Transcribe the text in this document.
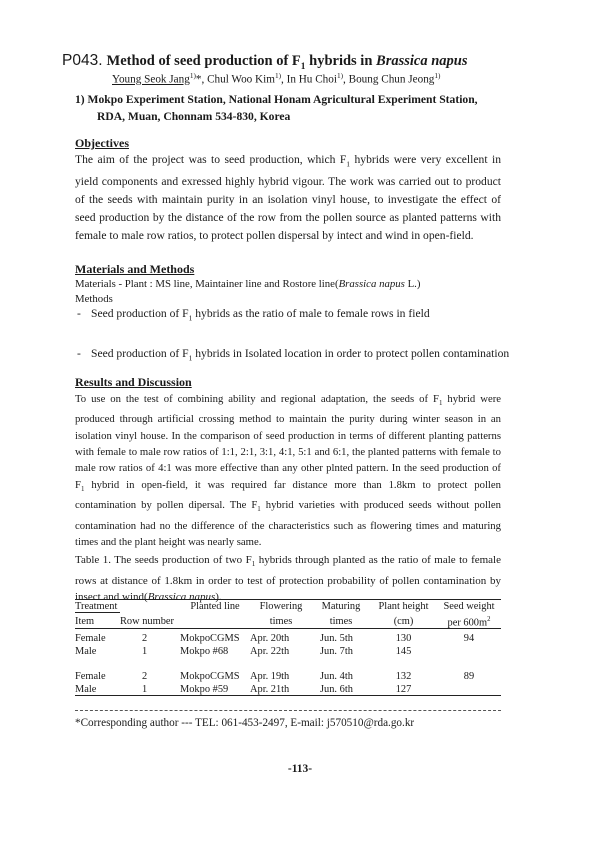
P043. Method of seed production of $F_1$ hybrids in Brassica napus
Young Seok Jang$^{1)}$*, Chul Woo Kim$^{1)}$, In Hu Choi$^{1)}$, Boung Chun Jeong$^{1)}$
1) Mokpo Experiment Station, National Honam Agricultural Experiment Station,
RDA, Muan, Chonnam 534-830, Korea
Objectives
The aim of the project was to seed production, which $F_1$ hybrids were very excellent in yield components and exressed highly hybrid vigour. The work was carried out to product of the seeds with maintain purity in an isolation vinyl house, to investigate the effect of seed production by the distance of the row from the pollen source as planted patterns with female to male row ratios, to protect pollen dispersal by intect and wind in open-field.
Materials and Methods
Materials - Plant : MS line, Maintainer line and Rostore line(Brassica napus L.)
Methods
- Seed production of $F_1$ hybrids as the ratio of male to female rows in field
- Seed production of $F_1$ hybrids in Isolated location in order to protect pollen contamination
Results and Discussion
To use on the test of combining ability and regional adaptation, the seeds of $F_1$ hybrid were produced through artificial crossing method to maintain the purity during winter season in an isolation vinyl house. In the comparison of seed production in terms of different planting patterns with female to male row ratios of 1:1, 2:1, 3:1, 4:1, 5:1 and 6:1, the planted patterns with female to male row ratios of 4:1 was more effective than any other plnted pattern. In the seed production of $F_1$ hybrid in open-field, it was required far distance more than 1.8km to protect pollen contamination by pollen dipersal. The $F_1$ hybrid varieties with produced seeds without pollen contamination had no the difference of the characteristics such as flowering times and maturing times and the plant height was nearly same.
Table 1. The seeds production of two $F_1$ hybrids through planted as the ratio of male to female rows at distance of 1.8km in order to test of protection probability of pollen contamination by insect and wind(Brassica napus).
Treatment		Planted line	Flowering	Maturing	Plant height	Seed weight
Item	Row number		times	times	(cm)	per $600m^2$

Female	2	MokpoCGMS	Apr. 20th	Jun. 5th	130	94
Male	1	Mokpo #68	Apr. 22th	Jun. 7th	145	

Female	2	MokpoCGMS	Apr. 19th	Jun. 4th	132	89
Male	1	Mokpo #59	Apr. 21th	Jun. 6th	127	
*Corresponding author --- TEL: 061-453-2497, E-mail: j570510@rda.go.kr
-113-
